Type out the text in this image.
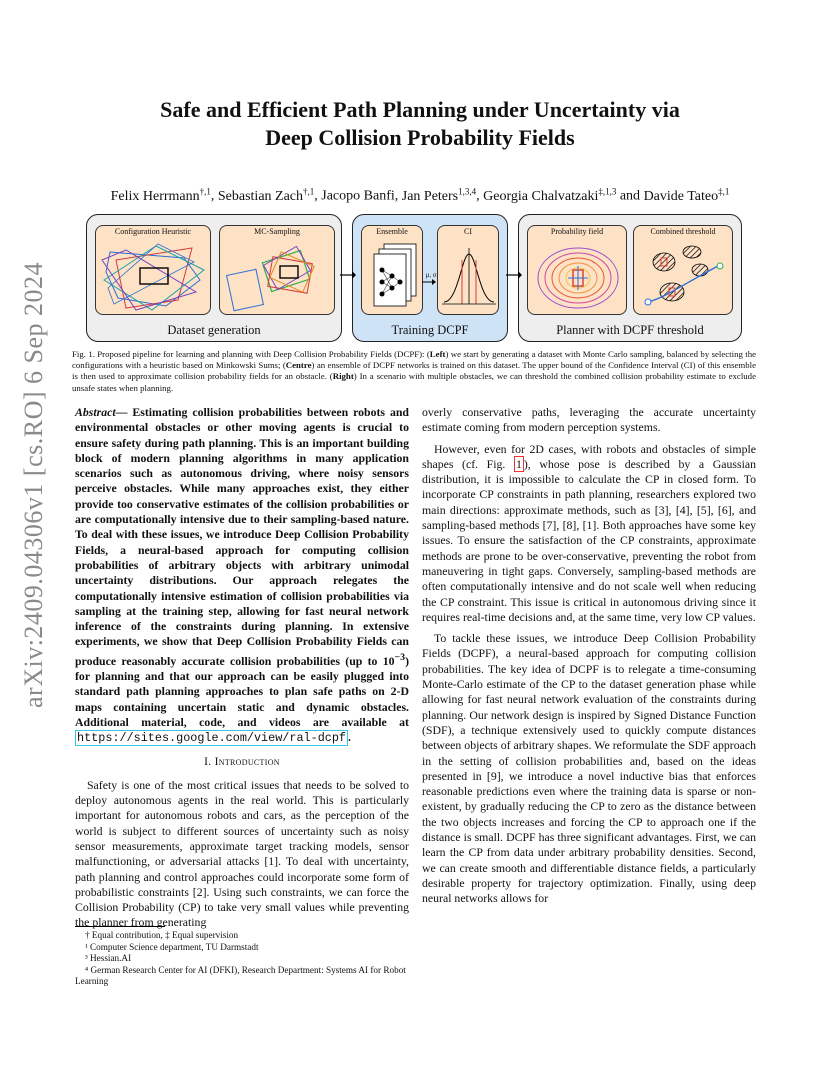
arXiv:2409.04306v1 [cs.RO] 6 Sep 2024
Safe and Efficient Path Planning under Uncertainty via
Deep Collision Probability Fields
Felix Herrmann$^{\dagger,1}$, Sebastian Zach$^{\dagger,1}$, Jacopo Banfi, Jan Peters$^{1,3,4}$, Georgia Chalvatzaki$^{\ddagger,1,3}$ and Davide Tateo$^{\ddagger,1}$
Configuration Heuristic	MC-Sampling
Dataset generation
Ensemble
μ, σ
CI
Training DCPF
Probability field	Combined threshold
Planner with DCPF threshold
Fig. 1. Proposed pipeline for learning and planning with Deep Collision Probability Fields (DCPF): (Left) we start by generating a dataset with Monte Carlo sampling, balanced by selecting the configurations with a heuristic based on Minkowski Sums; (Centre) an ensemble of DCPF networks is trained on this dataset. The upper bound of the Confidence Interval (CI) of this ensemble is then used to approximate collision probability fields for an obstacle. (Right) In a scenario with multiple obstacles, we can threshold the combined collision probability estimate to exclude unsafe states when planning.
Abstract— Estimating collision probabilities between robots and environmental obstacles or other moving agents is crucial to ensure safety during path planning. This is an important building block of modern planning algorithms in many application scenarios such as autonomous driving, where noisy sensors perceive obstacles. While many approaches exist, they either provide too conservative estimates of the collision probabilities or are computationally intensive due to their sampling-based nature. To deal with these issues, we introduce Deep Collision Probability Fields, a neural-based approach for computing collision probabilities of arbitrary objects with arbitrary unimodal uncertainty distributions. Our approach relegates the computationally intensive estimation of collision probabilities via sampling at the training step, allowing for fast neural network inference of the constraints during planning. In extensive experiments, we show that Deep Collision Probability Fields can produce reasonably accurate collision probabilities (up to $10^{-3}$) for planning and that our approach can be easily plugged into standard path planning approaches to plan safe paths on 2-D maps containing uncertain static and dynamic obstacles. Additional material, code, and videos are available at https://sites.google.com/view/ral-dcpf .
I. Introduction

Safety is one of the most critical issues that needs to be solved to deploy autonomous agents in the real world. This is particularly important for autonomous robots and cars, as the perception of the world is subject to different sources of uncertainty such as noisy sensor measurements, approximate target tracking models, sensor malfunctioning, or adversarial attacks [1]. To deal with uncertainty, path planning and control approaches could incorporate some form of probabilistic constraints [2]. Using such constraints, we can force the Collision Probability (CP) to take very small values while preventing the planner from generating

† Equal contribution, ‡ Equal supervision
¹ Computer Science department, TU Darmstadt
³ Hessian.AI
⁴ German Research Center for AI (DFKI), Research Department: Systems AI for Robot Learning

overly conservative paths, leveraging the accurate uncertainty estimate coming from modern perception systems.

However, even for 2D cases, with robots and obstacles of simple shapes (cf. Fig. 1 ), whose pose is described by a Gaussian distribution, it is impossible to calculate the CP in closed form. To incorporate CP constraints in path planning, researchers explored two main directions: approximate methods, such as [3], [4], [5], [6], and sampling-based methods [7], [8], [1]. Both approaches have some key issues. To ensure the satisfaction of the CP constraints, approximate methods are prone to be over-conservative, preventing the robot from maneuvering in tight gaps. Conversely, sampling-based methods are often computationally intensive and do not scale well when reducing the CP constraint. This issue is critical in autonomous driving since it requires real-time decisions and, at the same time, very low CP values.

To tackle these issues, we introduce Deep Collision Probability Fields (DCPF), a neural-based approach for computing collision probabilities. The key idea of DCPF is to relegate a time-consuming Monte-Carlo estimate of the CP to the dataset generation phase while allowing for fast neural network evaluation of the constraints during planning. Our network design is inspired by Signed Distance Function (SDF), a technique extensively used to quickly compute distances between objects of arbitrary shapes. We reformulate the SDF approach in the setting of collision probabilities and, based on the ideas presented in [9], we introduce a novel inductive bias that enforces reasonable predictions even where the training data is sparse or non-existent, by gradually reducing the CP to zero as the distance between the two objects increases and forcing the CP to approach one if the distance is small. DCPF has three significant advantages. First, we can learn the CP from data under arbitrary probability densities. Second, we can create smooth and differentiable distance fields, a particularly desirable property for trajectory optimization. Finally, using deep neural networks allows for
